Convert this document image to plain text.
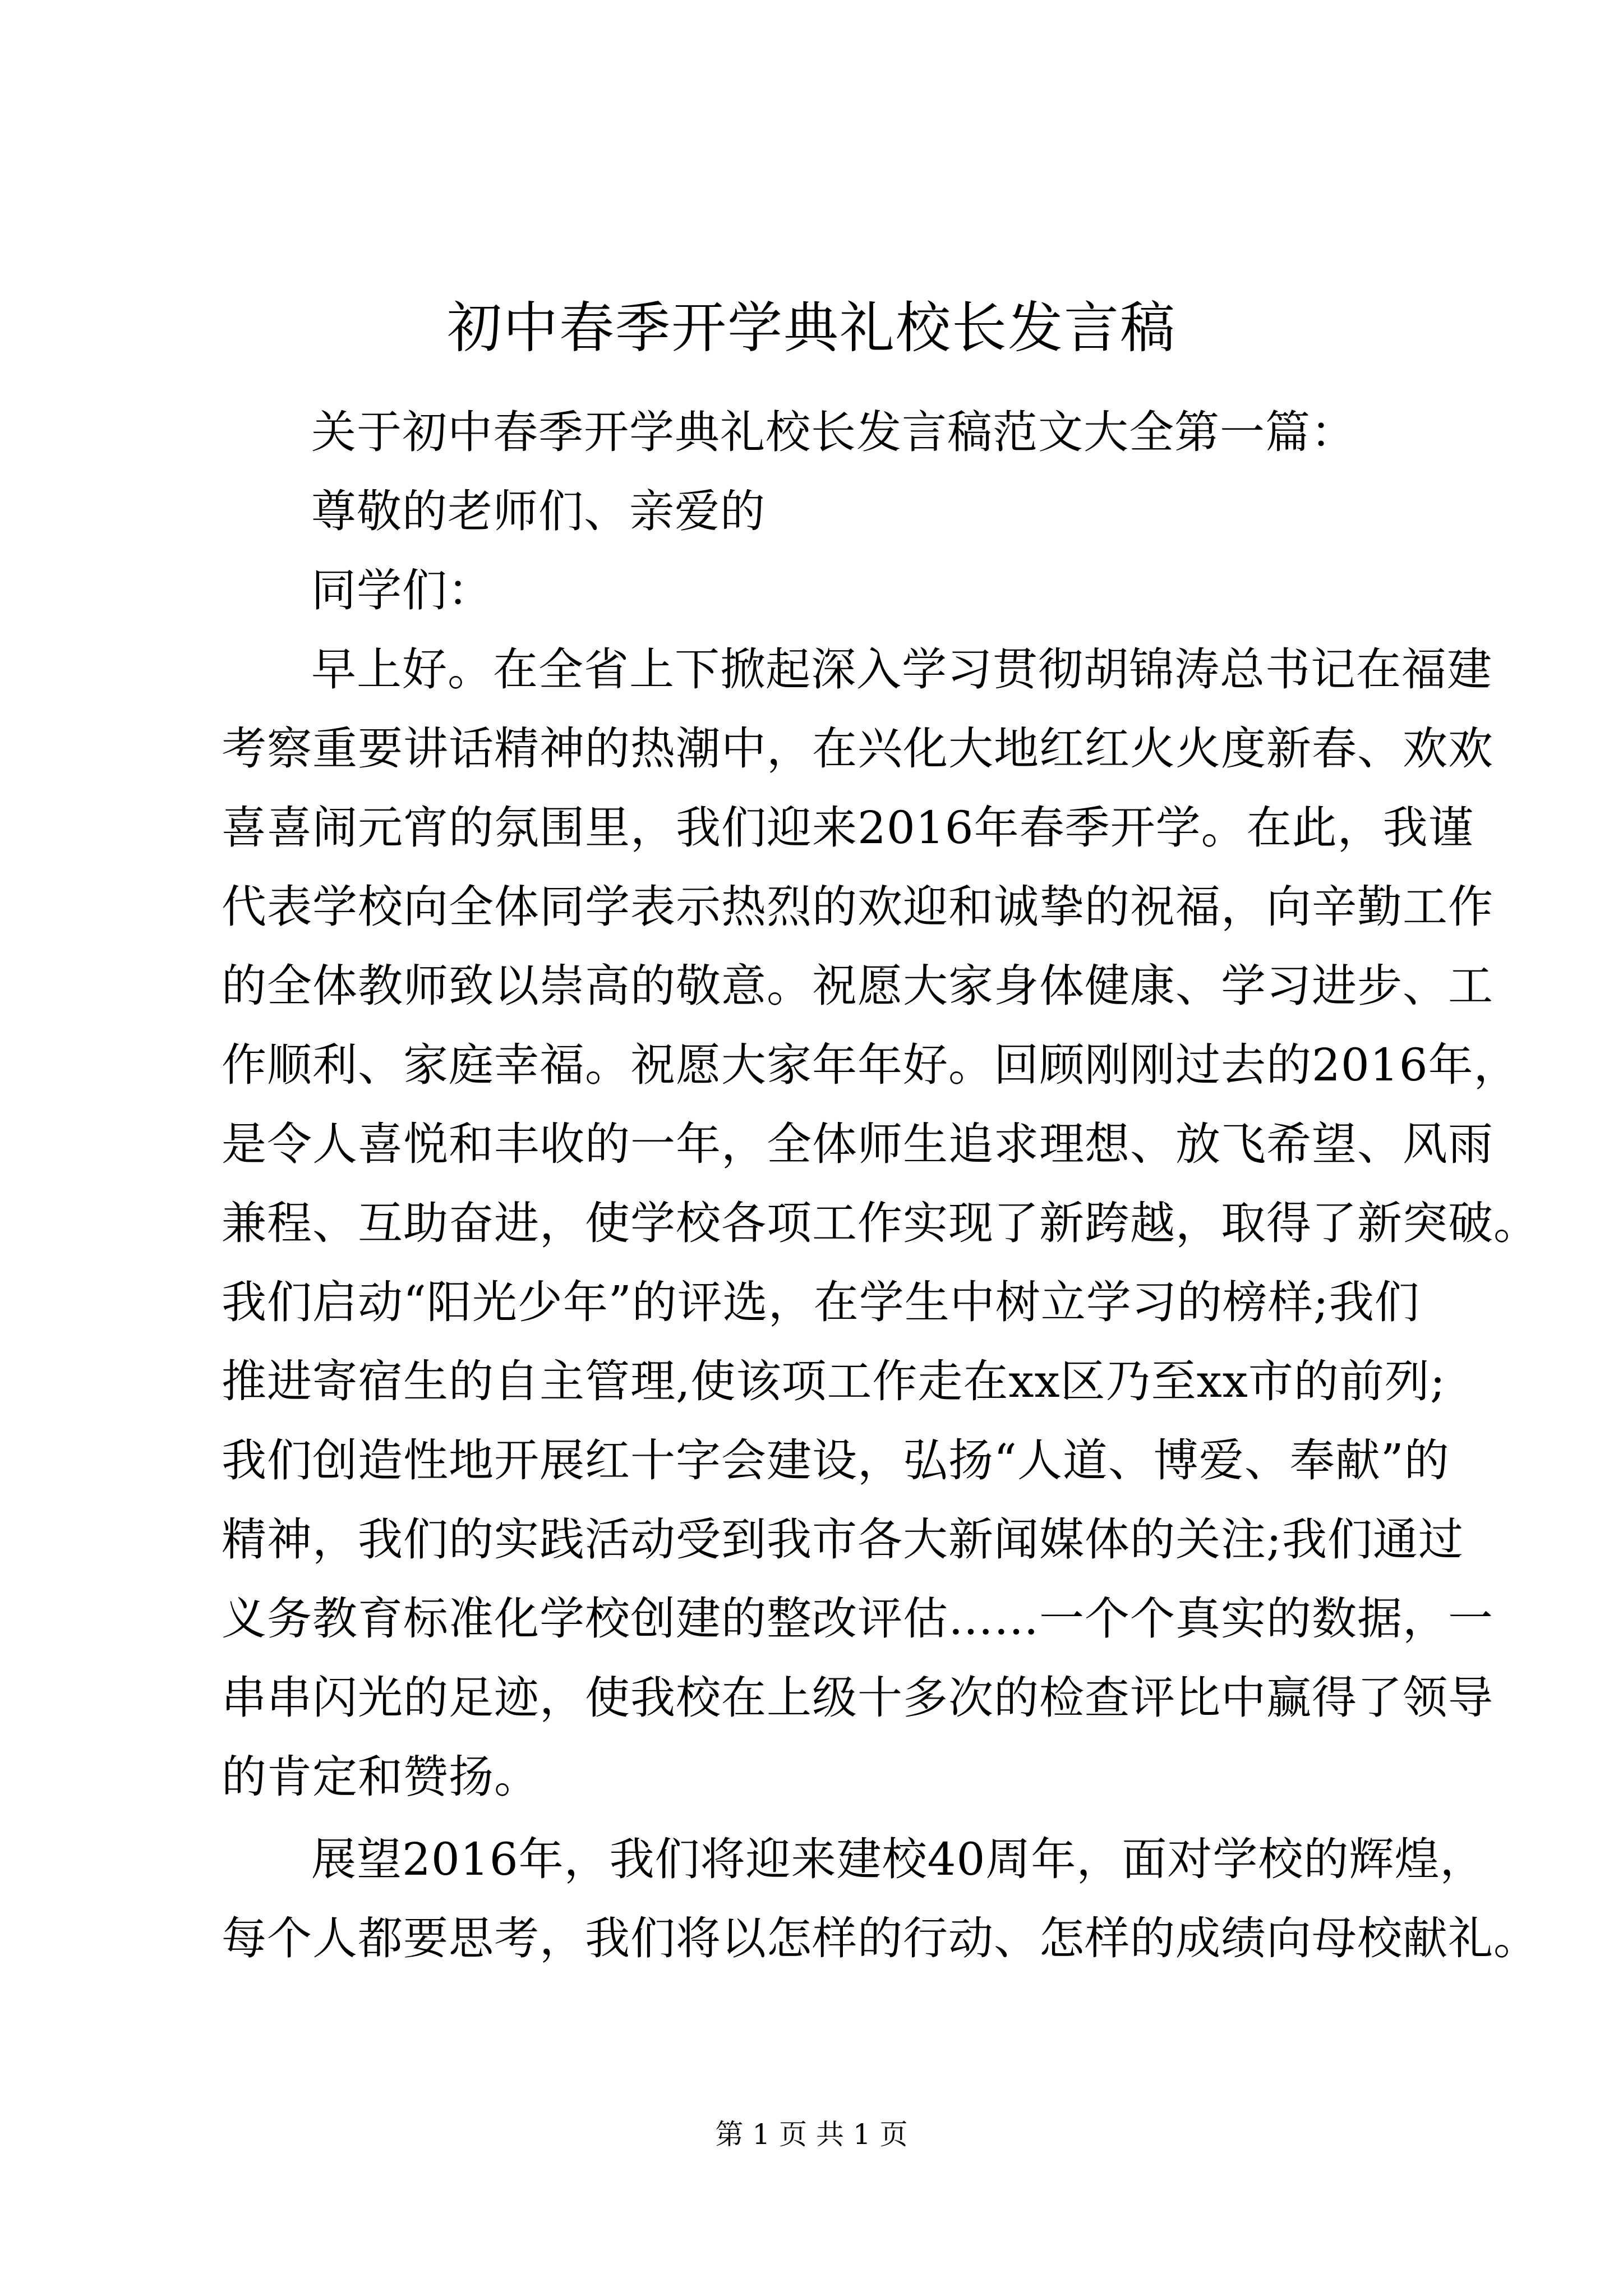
初中春季开学典礼校长发言稿

关于初中春季开学典礼校长发言稿范文大全第一篇：

尊敬的老师们、亲爱的

同学们：

早上好。在全省上下掀起深入学习贯彻胡锦涛总书记在福建
考察重要讲话精神的热潮中，在兴化大地红红火火度新春、欢欢
喜喜闹元宵的氛围里，我们迎来2016年春季开学。在此，我谨
代表学校向全体同学表示热烈的欢迎和诚挚的祝福，向辛勤工作
的全体教师致以崇高的敬意。祝愿大家身体健康、学习进步、工
作顺利、家庭幸福。祝愿大家年年好。回顾刚刚过去的2016年，
是令人喜悦和丰收的一年，全体师生追求理想、放飞希望、风雨
兼程、互助奋进，使学校各项工作实现了新跨越，取得了新突破。
我们启动“阳光少年”的评选，在学生中树立学习的榜样;我们
推进寄宿生的自主管理,使该项工作走在xx区乃至xx市的前列;
我们创造性地开展红十字会建设，弘扬“人道、博爱、奉献”的
精神，我们的实践活动受到我市各大新闻媒体的关注;我们通过
义务教育标准化学校创建的整改评估……一个个真实的数据，一
串串闪光的足迹，使我校在上级十多次的检查评比中赢得了领导
的肯定和赞扬。
展望2016年，我们将迎来建校40周年，面对学校的辉煌，
每个人都要思考，我们将以怎样的行动、怎样的成绩向母校献礼。
第 1 页 共 1 页
